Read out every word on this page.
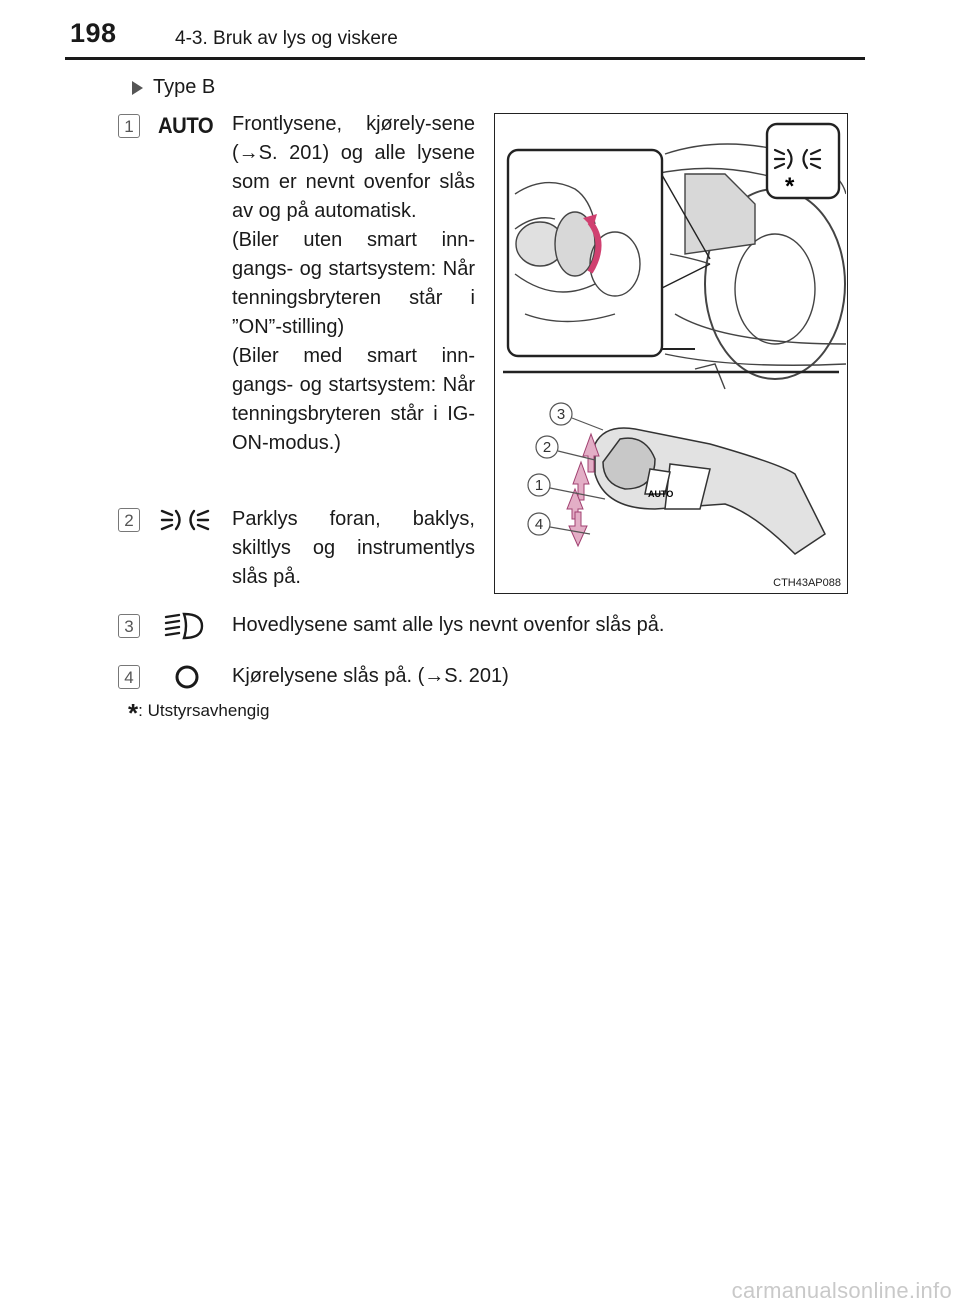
198	4-3. Bruk av lys og viskere
Type B
1 AUTO Frontlysene, kjørely-sene (→S. 201) og alle lysene som er nevnt ovenfor slås av og på automatisk.

(Biler uten smart inn-gangs- og startsystem: Når tenningsbryteren står i ”ON”-stilling)

(Biler med smart inn-gangs- og startsystem: Når tenningsbryteren står i IG-ON-modus.)

2	Parklys foran, baklys, skiltlys og instrumentlys slås på.

3	Hovedlysene samt alle lys nevnt ovenfor slås på.
4	Kjørelysene slås på. (→S. 201)
*
AUTO
3
2
1
4
CTH43AP088
*: Utstyrsavhengig
carmanualsonline.info
